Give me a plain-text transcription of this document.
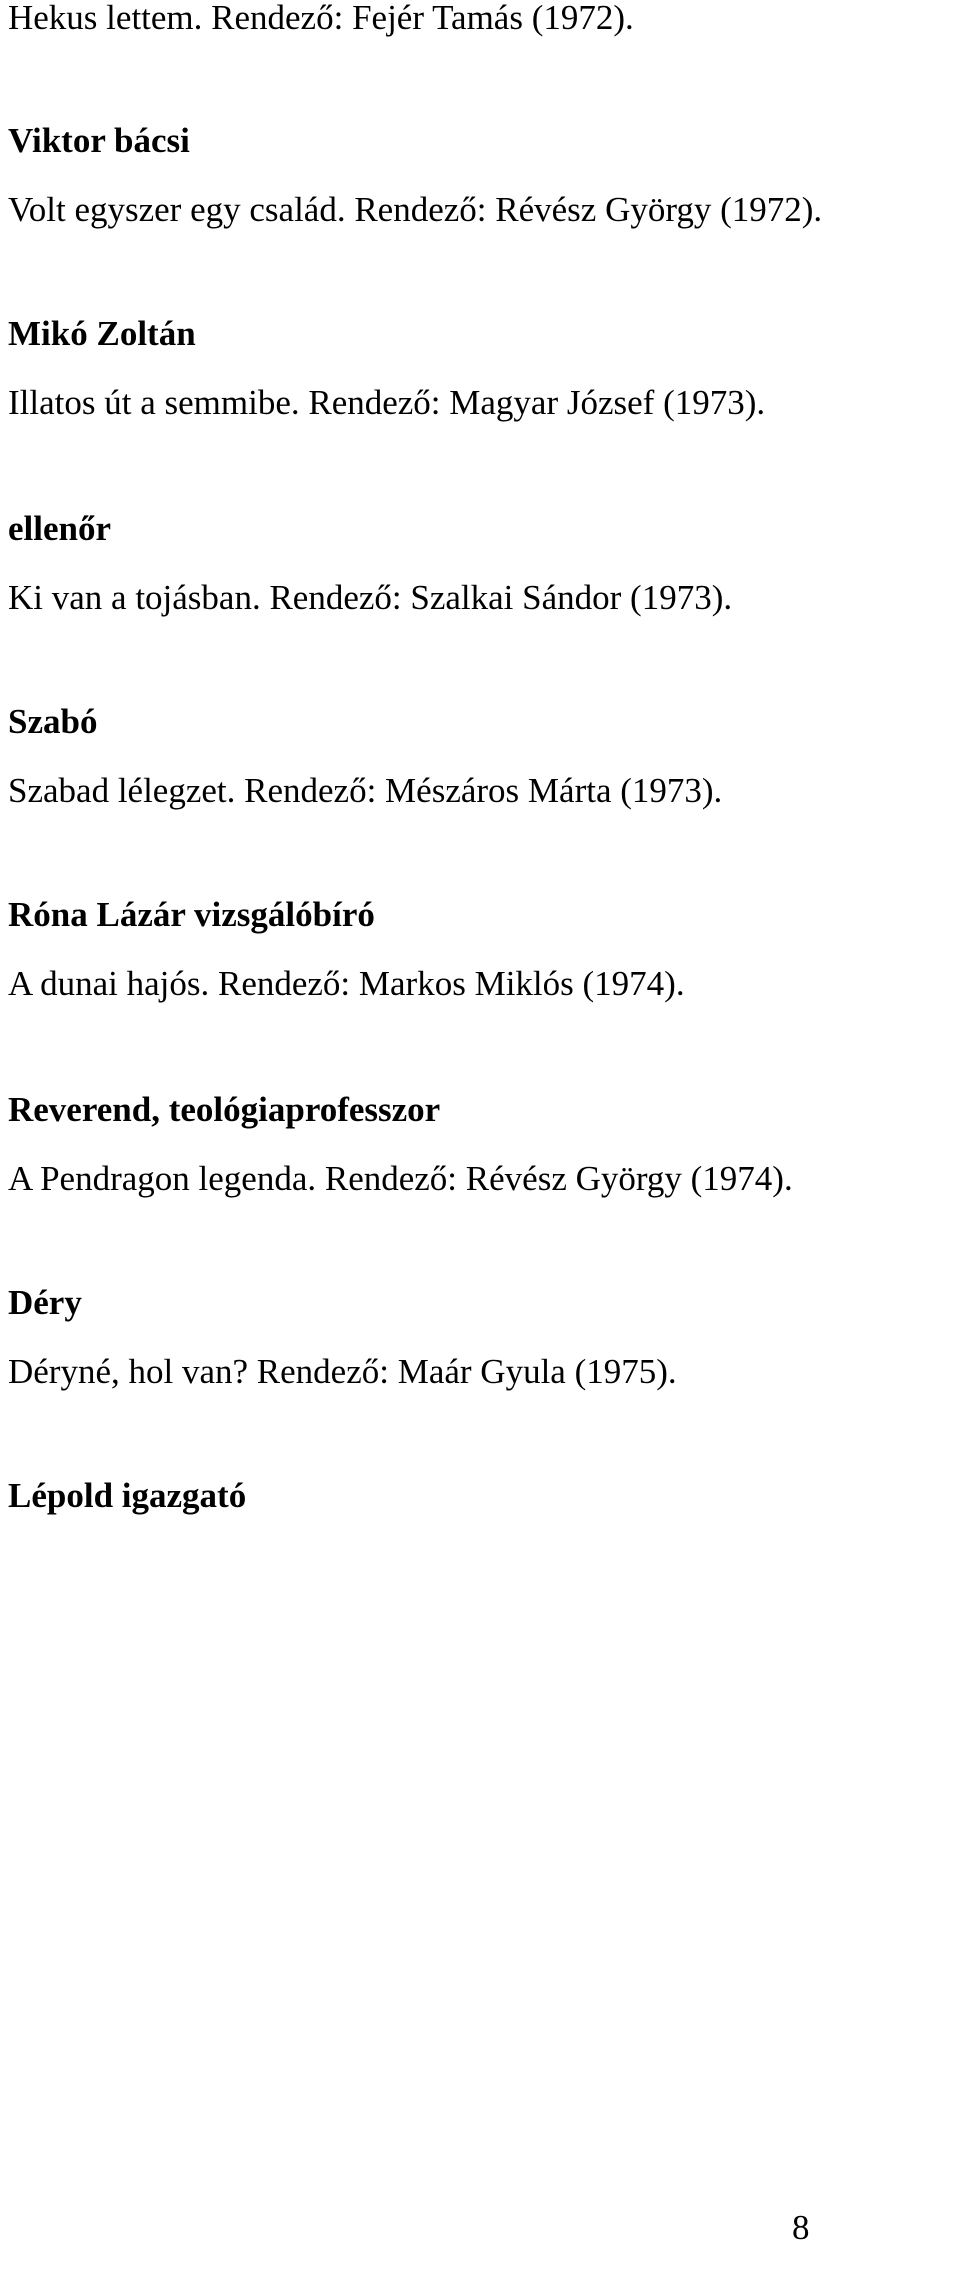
Hekus lettem. Rendező: Fejér Tamás (1972).
Viktor bácsi
Volt egyszer egy család. Rendező: Révész György (1972).
Mikó Zoltán
Illatos út a semmibe. Rendező: Magyar József (1973).
ellenőr
Ki van a tojásban. Rendező: Szalkai Sándor (1973).
Szabó
Szabad lélegzet. Rendező: Mészáros Márta (1973).
Róna Lázár vizsgálóbíró
A dunai hajós. Rendező: Markos Miklós (1974).
Reverend, teológiaprofesszor
A Pendragon legenda. Rendező: Révész György (1974).
Déry
Déryné, hol van? Rendező: Maár Gyula (1975).
Lépold igazgató
8
